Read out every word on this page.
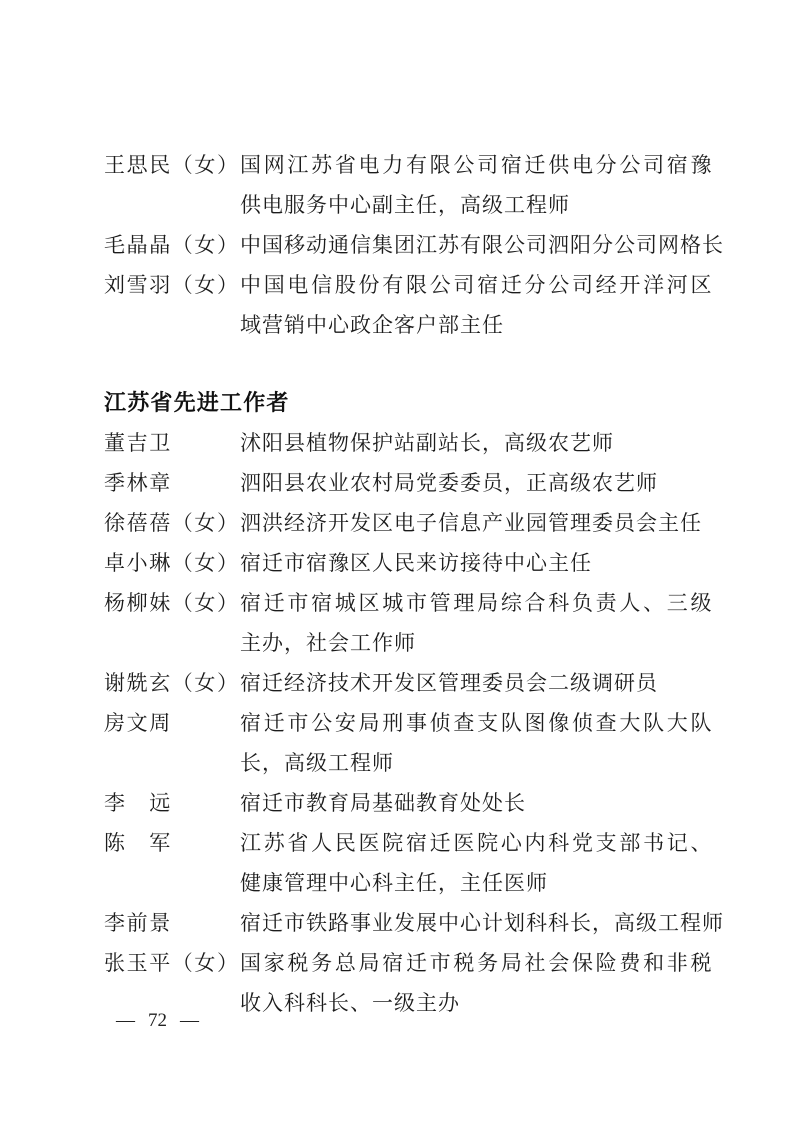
王思民（女） 国网江苏省电力有限公司宿迁供电分公司宿豫
供电服务中心副主任，高级工程师
毛晶晶（女） 中国移动通信集团江苏有限公司泗阳分公司网格长
刘雪羽（女） 中国电信股份有限公司宿迁分公司经开洋河区
域营销中心政企客户部主任
江苏省先进工作者
董吉卫	沭阳县植物保护站副站长，高级农艺师
季林章	泗阳县农业农村局党委委员，正高级农艺师
徐蓓蓓（女） 泗洪经济开发区电子信息产业园管理委员会主任
卓小琳（女） 宿迁市宿豫区人民来访接待中心主任
杨柳妹（女） 宿迁市宿城区城市管理局综合科负责人、三级
主办，社会工作师
谢兟玄（女） 宿迁经济技术开发区管理委员会二级调研员
房文周	宿迁市公安局刑事侦查支队图像侦查大队大队
长，高级工程师
李　远	宿迁市教育局基础教育处处长
陈　军	江苏省人民医院宿迁医院心内科党支部书记、
健康管理中心科主任，主任医师
李前景	宿迁市铁路事业发展中心计划科科长，高级工程师
张玉平（女） 国家税务总局宿迁市税务局社会保险费和非税
收入科科长、一级主办
— 72 —
